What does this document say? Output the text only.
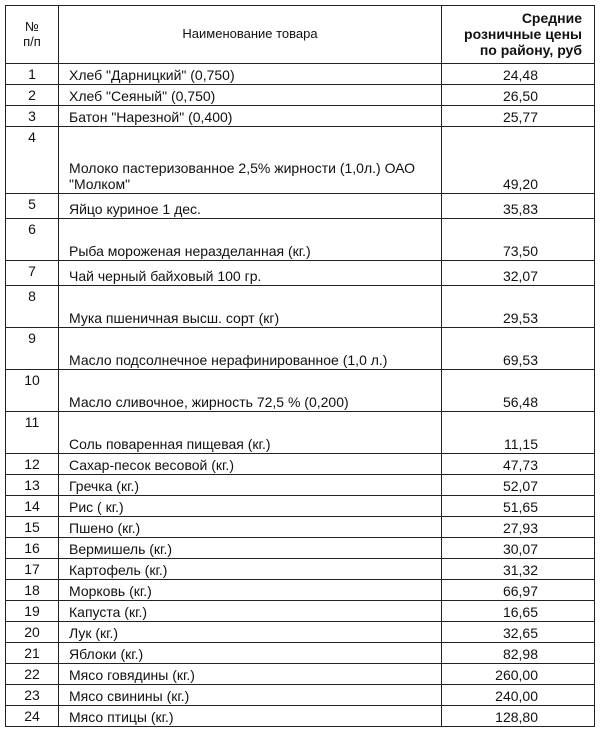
№
п/п	Наименование товара	Средние
розничные цены
по району, руб

1	Хлеб "Дарницкий" (0,750)	24,48
2	Хлеб "Сеяный" (0,750)	26,50
3	Батон "Нарезной" (0,400)	25,77
4	Молоко пастеризованное 2,5% жирности (1,0л.) ОАО "Молком"	49,20
5	Яйцо куриное 1 дес.	35,83
6	Рыба мороженая неразделанная (кг.)	73,50
7	Чай черный байховый 100 гр.	32,07
8	Мука пшеничная высш. сорт (кг)	29,53
9	Масло подсолнечное нерафинированное (1,0 л.)	69,53
10	Масло сливочное, жирность 72,5 % (0,200)	56,48
11	Соль поваренная пищевая (кг.)	11,15
12	Сахар-песок весовой (кг.)	47,73
13	Гречка (кг.)	52,07
14	Рис ( кг.)	51,65
15	Пшено (кг.)	27,93
16	Вермишель (кг.)	30,07
17	Картофель (кг.)	31,32
18	Морковь (кг.)	66,97
19	Капуста (кг.)	16,65
20	Лук (кг.)	32,65
21	Яблоки (кг.)	82,98
22	Мясо говядины (кг.)	260,00
23	Мясо свинины (кг.)	240,00
24	Мясо птицы (кг.)	128,80
